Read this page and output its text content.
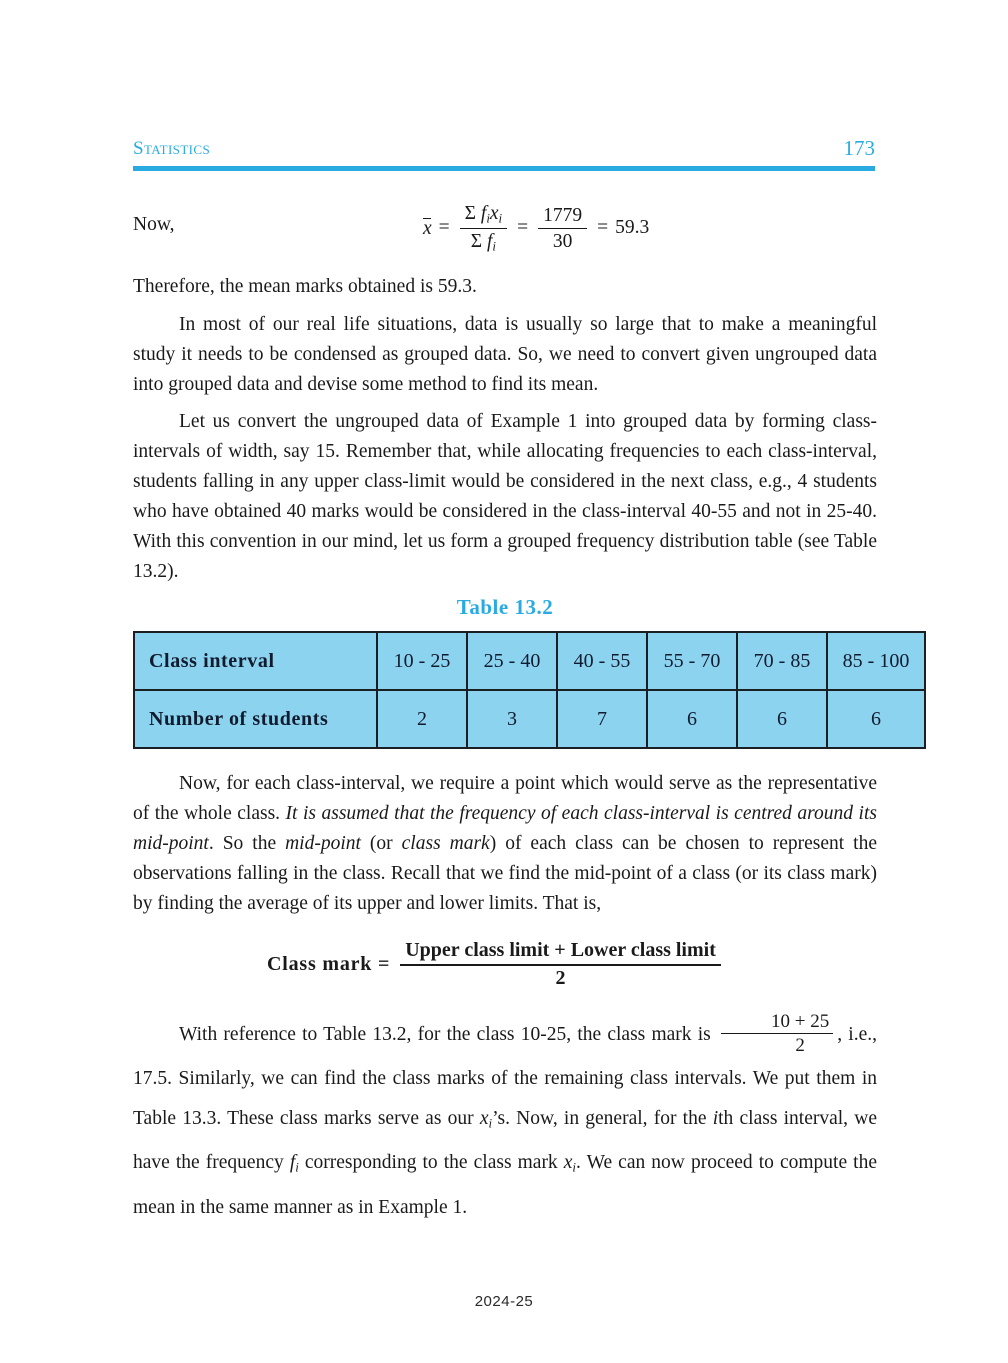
Statistics	173
Now,	$x = \frac{\Sigma f_ix_i}{\Sigma f_i} = \frac{1779}{30} = 59.3$

Therefore, the mean marks obtained is 59.3.

In most of our real life situations, data is usually so large that to make a meaningful study it needs to be condensed as grouped data. So, we need to convert given ungrouped data into grouped data and devise some method to find its mean.

Let us convert the ungrouped data of Example 1 into grouped data by forming class-intervals of width, say 15. Remember that, while allocating frequencies to each class-interval, students falling in any upper class-limit would be considered in the next class, e.g., 4 students who have obtained 40 marks would be considered in the class-interval 40-55 and not in 25-40. With this convention in our mind, let us form a grouped frequency distribution table (see Table 13.2).

Table 13.2
Class interval	10 - 25	25 - 40	40 - 55	55 - 70	70 - 85	85 - 100
Number of students	2	3	7	6	6	6

Now, for each class-interval, we require a point which would serve as the representative of the whole class. It is assumed that the frequency of each class-interval is centred around its mid-point. So the mid-point (or class mark) of each class can be chosen to represent the observations falling in the class. Recall that we find the mid-point of a class (or its class mark) by finding the average of its upper and lower limits. That is,

Class mark = $\frac{\text{Upper class limit + Lower class limit}}{2}$

With reference to Table 13.2, for the class 10-25, the class mark is $\frac{10 + 25}{2}$ , i.e., 17.5. Similarly, we can find the class marks of the remaining class intervals. We put them in Table 13.3. These class marks serve as our $x_i’s$. Now, in general, for the ith class interval, we have the frequency $f_i$ corresponding to the class mark $x_i$. We can now proceed to compute the mean in the same manner as in Example 1.

2024-25
